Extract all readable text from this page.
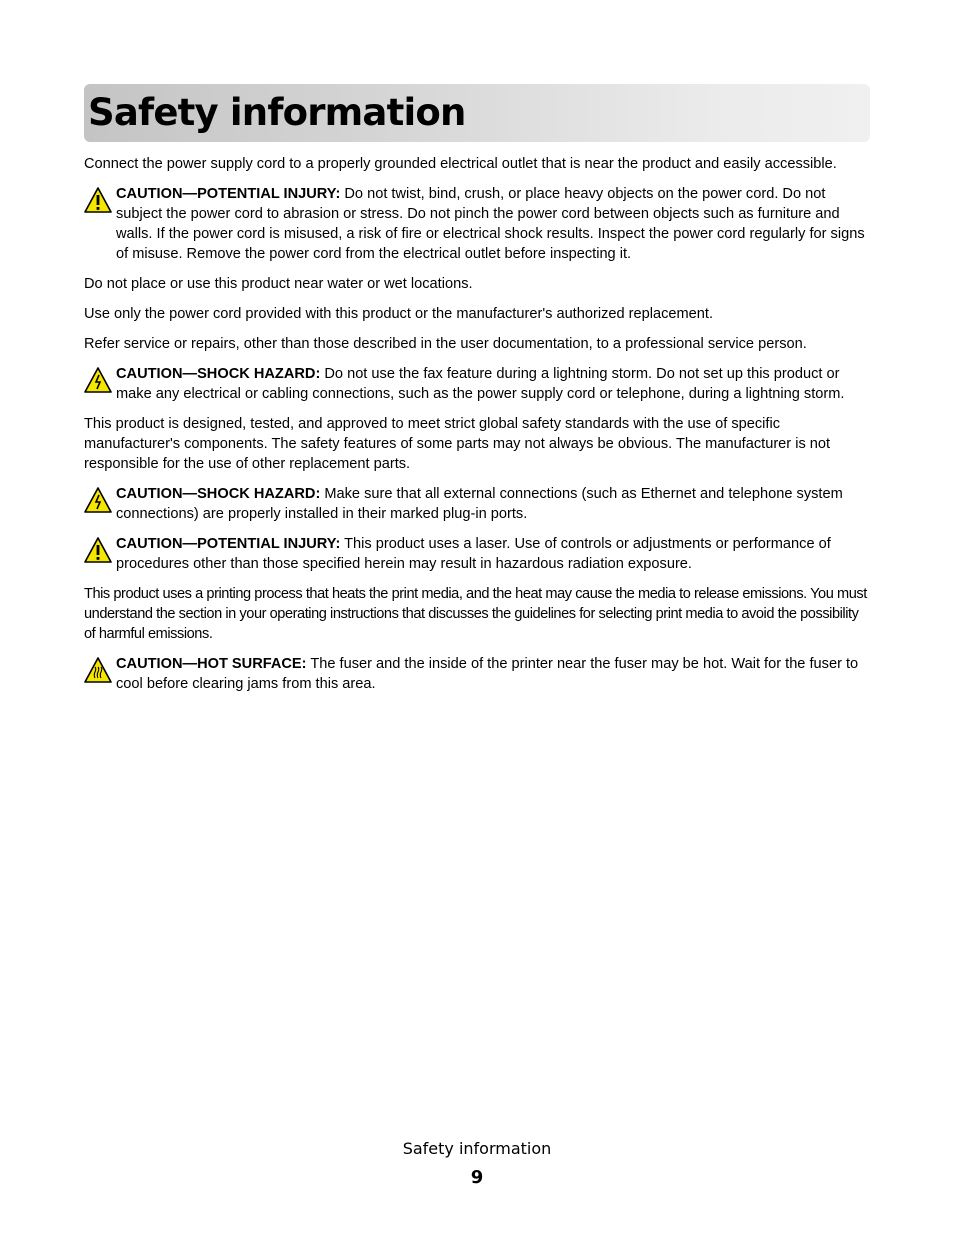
Safety information

Connect the power supply cord to a properly grounded electrical outlet that is near the product and easily accessible.

CAUTION—POTENTIAL INJURY: Do not twist, bind, crush, or place heavy objects on the power cord. Do not subject the power cord to abrasion or stress. Do not pinch the power cord between objects such as furniture and walls. If the power cord is misused, a risk of fire or electrical shock results. Inspect the power cord regularly for signs of misuse. Remove the power cord from the electrical outlet before inspecting it.

Do not place or use this product near water or wet locations.

Use only the power cord provided with this product or the manufacturer's authorized replacement.

Refer service or repairs, other than those described in the user documentation, to a professional service person.

CAUTION—SHOCK HAZARD: Do not use the fax feature during a lightning storm. Do not set up this product or make any electrical or cabling connections, such as the power supply cord or telephone, during a lightning storm.

This product is designed, tested, and approved to meet strict global safety standards with the use of specific manufacturer's components. The safety features of some parts may not always be obvious. The manufacturer is not responsible for the use of other replacement parts.

CAUTION—SHOCK HAZARD: Make sure that all external connections (such as Ethernet and telephone system connections) are properly installed in their marked plug-in ports.
CAUTION—POTENTIAL INJURY: This product uses a laser. Use of controls or adjustments or performance of procedures other than those specified herein may result in hazardous radiation exposure.

This product uses a printing process that heats the print media, and the heat may cause the media to release emissions. You must understand the section in your operating instructions that discusses the guidelines for selecting print media to avoid the possibility of harmful emissions.

CAUTION—HOT SURFACE: The fuser and the inside of the printer near the fuser may be hot. Wait for the fuser to cool before clearing jams from this area.
Safety information
9
